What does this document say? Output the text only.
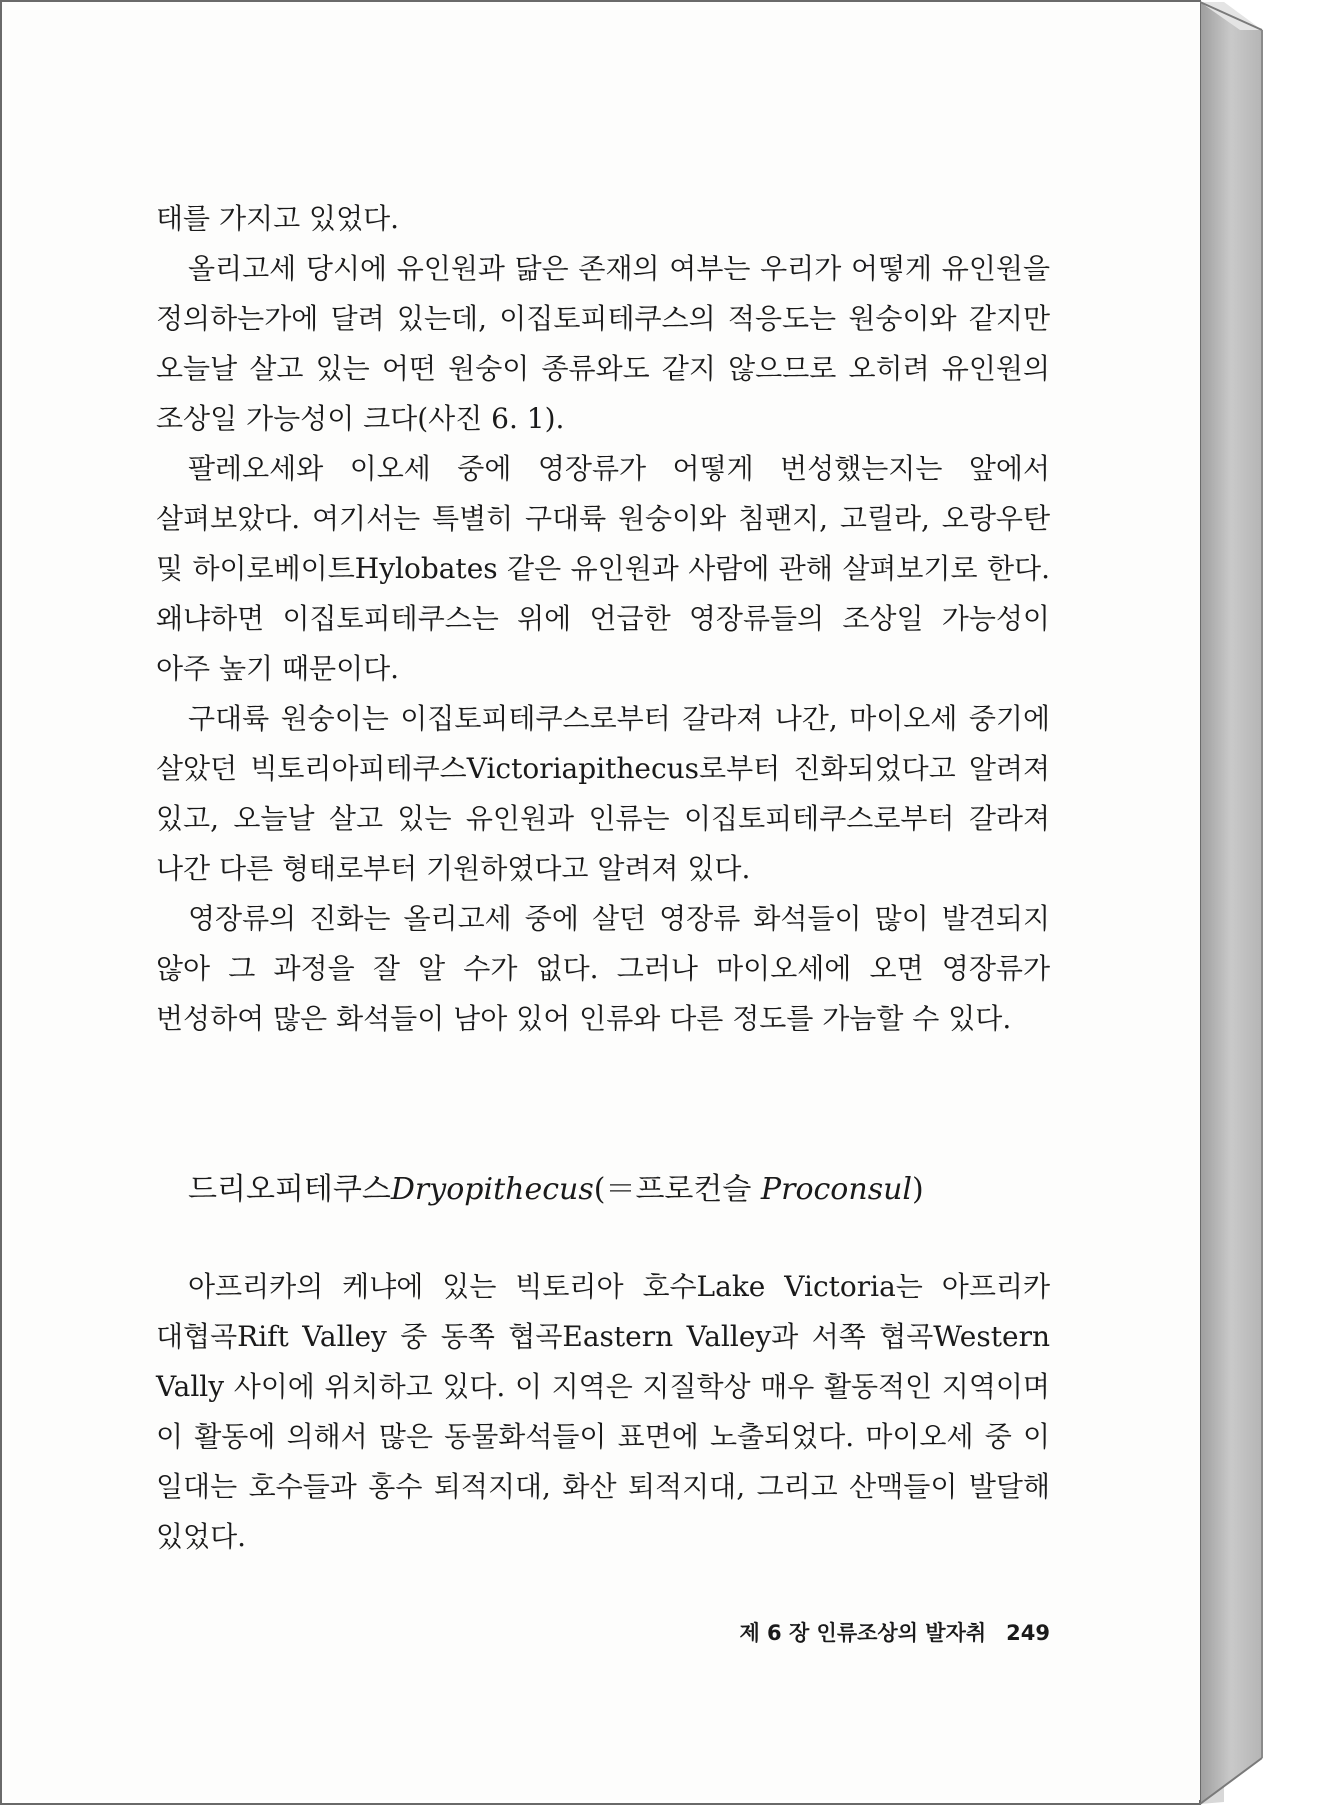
태를 가지고 있었다.

올리고세 당시에 유인원과 닮은 존재의 여부는 우리가 어떻게 유인원을 정의하는가에 달려 있는데, 이집토피테쿠스의 적응도는 원숭이와 같지만 오늘날 살고 있는 어떤 원숭이 종류와도 같지 않으므로 오히려 유인원의 조상일 가능성이 크다(사진 6. 1).

팔레오세와 이오세 중에 영장류가 어떻게 번성했는지는 앞에서 살펴보았다. 여기서는 특별히 구대륙 원숭이와 침팬지, 고릴라, 오랑우탄 및 하이로베이트Hylobates 같은 유인원과 사람에 관해 살펴보기로 한다. 왜냐하면 이집토피테쿠스는 위에 언급한 영장류들의 조상일 가능성이 아주 높기 때문이다.

구대륙 원숭이는 이집토피테쿠스로부터 갈라져 나간, 마이오세 중기에 살았던 빅토리아피테쿠스Victoriapithecus로부터 진화되었다고 알려져 있고, 오늘날 살고 있는 유인원과 인류는 이집토피테쿠스로부터 갈라져 나간 다른 형태로부터 기원하였다고 알려져 있다.

영장류의 진화는 올리고세 중에 살던 영장류 화석들이 많이 발견되지 않아 그 과정을 잘 알 수가 없다. 그러나 마이오세에 오면 영장류가 번성하여 많은 화석들이 남아 있어 인류와 다른 정도를 가늠할 수 있다.

드리오피테쿠스Dryopithecus(＝프로컨슬 Proconsul)

아프리카의 케냐에 있는 빅토리아 호수Lake Victoria는 아프리카 대협곡Rift Valley 중 동쪽 협곡Eastern Valley과 서쪽 협곡Western Vally 사이에 위치하고 있다. 이 지역은 지질학상 매우 활동적인 지역이며 이 활동에 의해서 많은 동물화석들이 표면에 노출되었다. 마이오세 중 이 일대는 호수들과 홍수 퇴적지대, 화산 퇴적지대, 그리고 산맥들이 발달해 있었다.

제 6 장 인류조상의 발자취 249
